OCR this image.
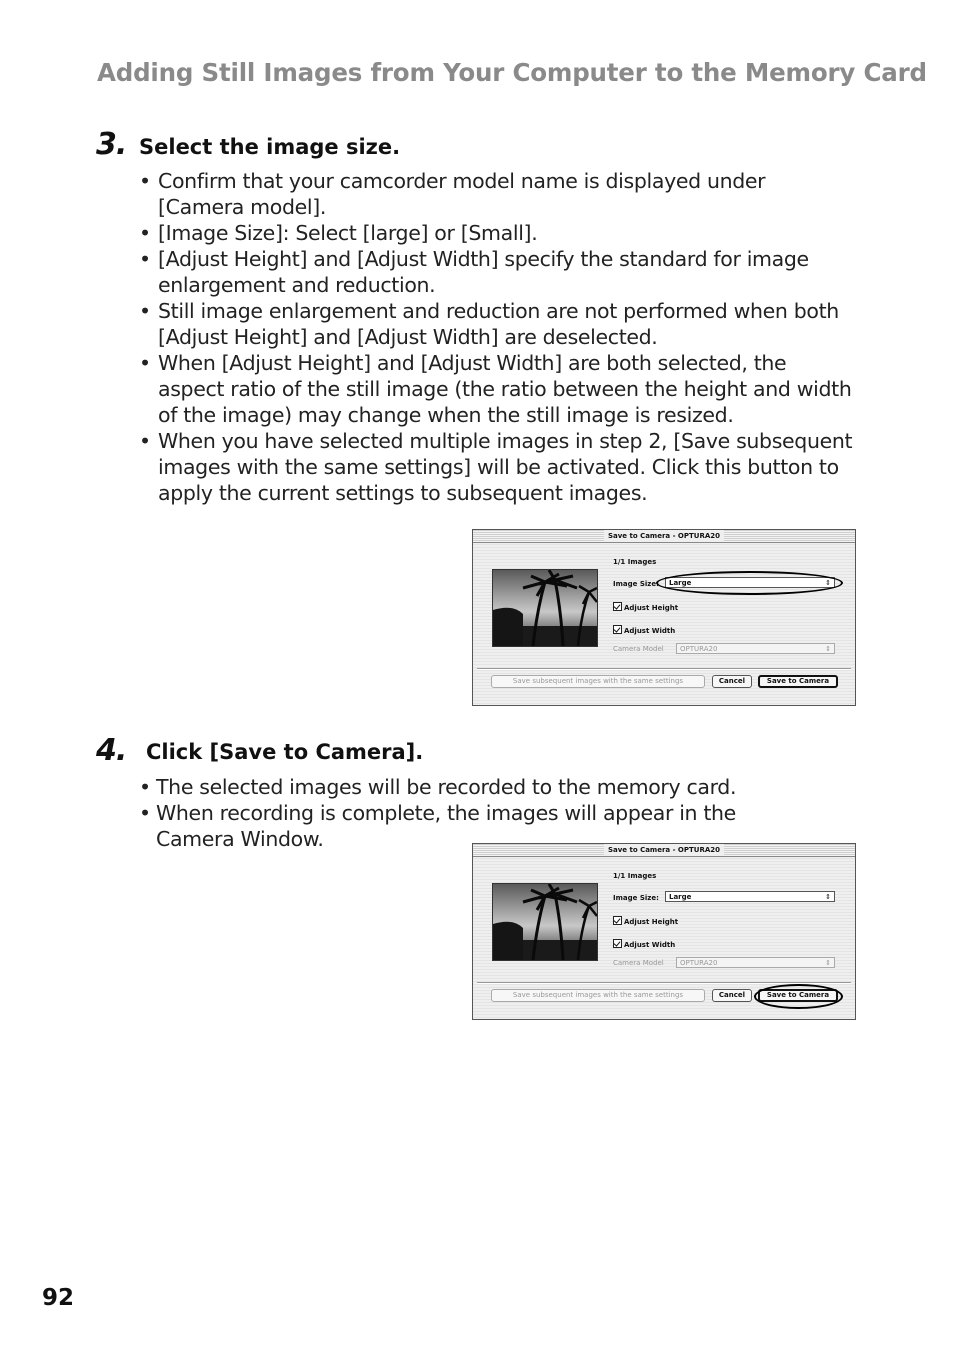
Adding Still Images from Your Computer to the Memory Card
3. Select the image size.
• Confirm that your camcorder model name is displayed under [Camera model].
• [Image Size]: Select [large] or [Small].
• [Adjust Height] and [Adjust Width] specify the standard for image enlargement and reduction.
• Still image enlargement and reduction are not performed when both [Adjust Height] and [Adjust Width] are deselected.
• When [Adjust Height] and [Adjust Width] are both selected, the aspect ratio of the still image (the ratio between the height and width of the image) may change when the still image is resized.
• When you have selected multiple images in step 2, [Save subsequent images with the same settings] will be activated. Click this button to apply the current settings to subsequent images.
Save to Camera - OPTURA20
1/1 Images
Image Size: Large	⇕
Adjust Height
Adjust Width
Camera Model OPTURA20	⇕
Save subsequent images with the same settings	Cancel	Save to Camera
4. Click [Save to Camera].
• The selected images will be recorded to the memory card.
• When recording is complete, the images will appear in the Camera Window.	Save to Camera - OPTURA20
1/1 Images
Image Size: Large	⇕
Adjust Height
Adjust Width
Camera Model OPTURA20	⇕
Save subsequent images with the same settings	Cancel	Save to Camera
92
